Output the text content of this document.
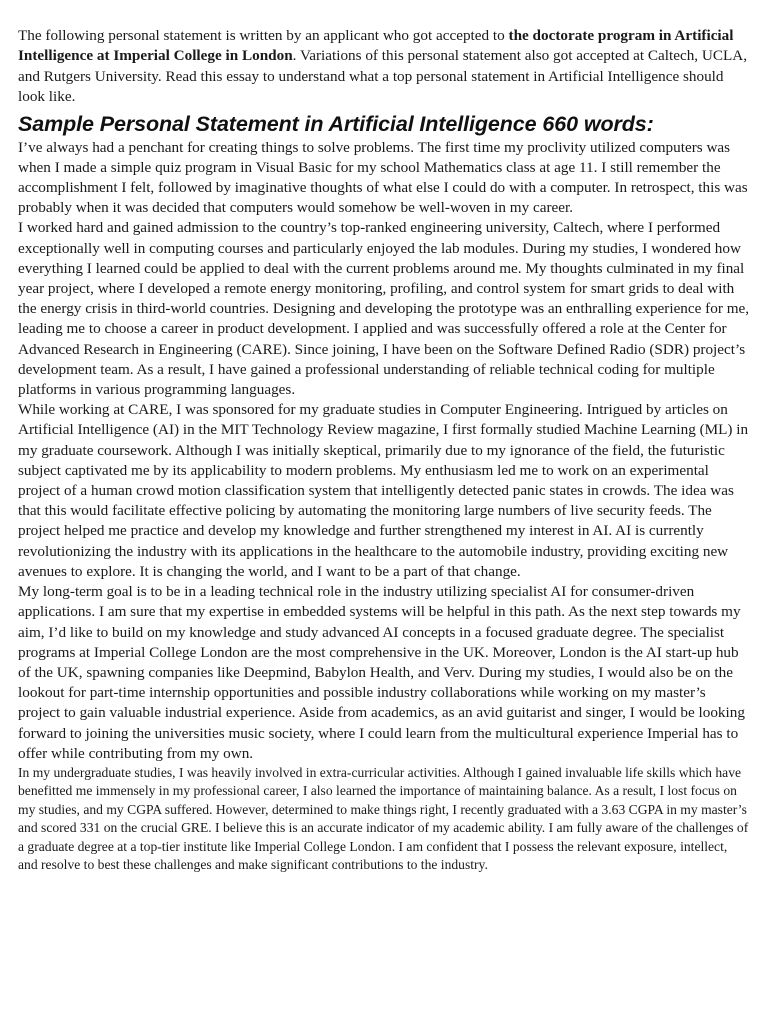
The following personal statement is written by an applicant who got accepted to the doctorate program in Artificial Intelligence at Imperial College in London. Variations of this personal statement also got accepted at Caltech, UCLA, and Rutgers University. Read this essay to understand what a top personal statement in Artificial Intelligence should look like.

Sample Personal Statement in Artificial Intelligence 660 words:

I’ve always had a penchant for creating things to solve problems. The first time my proclivity utilized computers was when I made a simple quiz program in Visual Basic for my school Mathematics class at age 11. I still remember the accomplishment I felt, followed by imaginative thoughts of what else I could do with a computer. In retrospect, this was probably when it was decided that computers would somehow be well-woven in my career.

I worked hard and gained admission to the country’s top-ranked engineering university, Caltech, where I performed exceptionally well in computing courses and particularly enjoyed the lab modules. During my studies, I wondered how everything I learned could be applied to deal with the current problems around me. My thoughts culminated in my final year project, where I developed a remote energy monitoring, profiling, and control system for smart grids to deal with the energy crisis in third-world countries. Designing and developing the prototype was an enthralling experience for me, leading me to choose a career in product development. I applied and was successfully offered a role at the Center for Advanced Research in Engineering (CARE). Since joining, I have been on the Software Defined Radio (SDR) project’s development team. As a result, I have gained a professional understanding of reliable technical coding for multiple platforms in various programming languages.

While working at CARE, I was sponsored for my graduate studies in Computer Engineering. Intrigued by articles on Artificial Intelligence (AI) in the MIT Technology Review magazine, I first formally studied Machine Learning (ML) in my graduate coursework. Although I was initially skeptical, primarily due to my ignorance of the field, the futuristic subject captivated me by its applicability to modern problems. My enthusiasm led me to work on an experimental project of a human crowd motion classification system that intelligently detected panic states in crowds. The idea was that this would facilitate effective policing by automating the monitoring large numbers of live security feeds. The project helped me practice and develop my knowledge and further strengthened my interest in AI. AI is currently revolutionizing the industry with its applications in the healthcare to the automobile industry, providing exciting new avenues to explore. It is changing the world, and I want to be a part of that change.

My long-term goal is to be in a leading technical role in the industry utilizing specialist AI for consumer-driven applications. I am sure that my expertise in embedded systems will be helpful in this path. As the next step towards my aim, I’d like to build on my knowledge and study advanced AI concepts in a focused graduate degree. The specialist programs at Imperial College London are the most comprehensive in the UK. Moreover, London is the AI start-up hub of the UK, spawning companies like Deepmind, Babylon Health, and Verv. During my studies, I would also be on the lookout for part-time internship opportunities and possible industry collaborations while working on my master’s project to gain valuable industrial experience. Aside from academics, as an avid guitarist and singer, I would be looking forward to joining the universities music society, where I could learn from the multicultural experience Imperial has to offer while contributing from my own.

In my undergraduate studies, I was heavily involved in extra-curricular activities. Although I gained invaluable life skills which have benefitted me immensely in my professional career, I also learned the importance of maintaining balance. As a result, I lost focus on my studies, and my CGPA suffered. However, determined to make things right, I recently graduated with a 3.63 CGPA in my master’s and scored 331 on the crucial GRE. I believe this is an accurate indicator of my academic ability. I am fully aware of the challenges of a graduate degree at a top-tier institute like Imperial College London. I am confident that I possess the relevant exposure, intellect, and resolve to best these challenges and make significant contributions to the industry.
